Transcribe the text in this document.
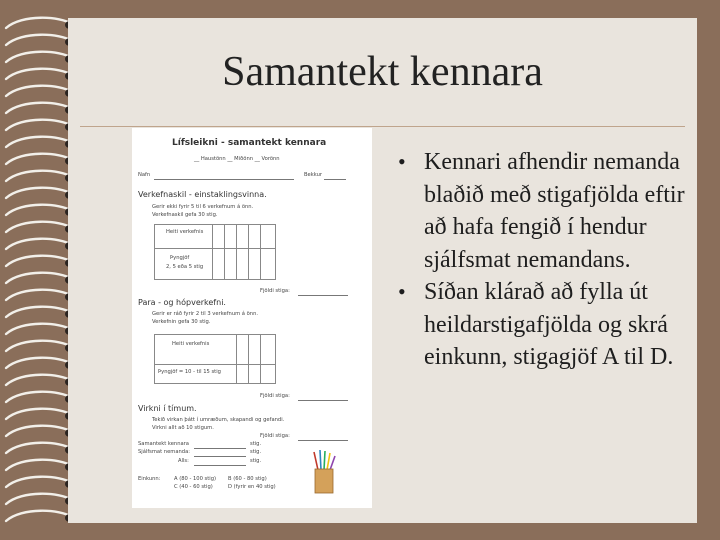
Samantekt kennara
• Kennari afhendir nemanda blaðið með stigafjölda eftir að hafa fengið í hendur sjálfsmat nemandans.
• Síðan klárað að fylla út heildarstigafjölda og skrá einkunn, stigagjöf A til D.
Lífsleikni - samantekt kennara
__ Haustönn __ Miðönn __ Vorönn
Nafn	Bekkur
Verkefnaskil - einstaklingsvinna.
Gerir ekki fyrir 5 til 6 verkefnum á önn.
Verkefnaskil gefa 30 stig.
Heiti verkefnis
Þyngjöf
2, 5 eða 5 stig
Fjöldi stiga:
Para - og hópverkefni.
Gerir er ráð fyrir 2 til 3 verkefnum á önn.
Verkefnin gefa 30 stig.
Heiti verkefnis
Þyngjöf = 10 - til 15 stig
Fjöldi stiga:
Virkni í tímum.
Tekið virkan þátt í umræðum, skapandi og gefandi.
Virkni allt að 10 stigum.
Fjöldi stiga:
Samantekt kennara	stig.
Sjálfsmat nemanda:	stig.
Alls:	stig.
Einkunn:	A (80 - 100 stig) B (60 - 80 stig)
C (40 - 60 stig)	D (fyrir en 40 stig)
